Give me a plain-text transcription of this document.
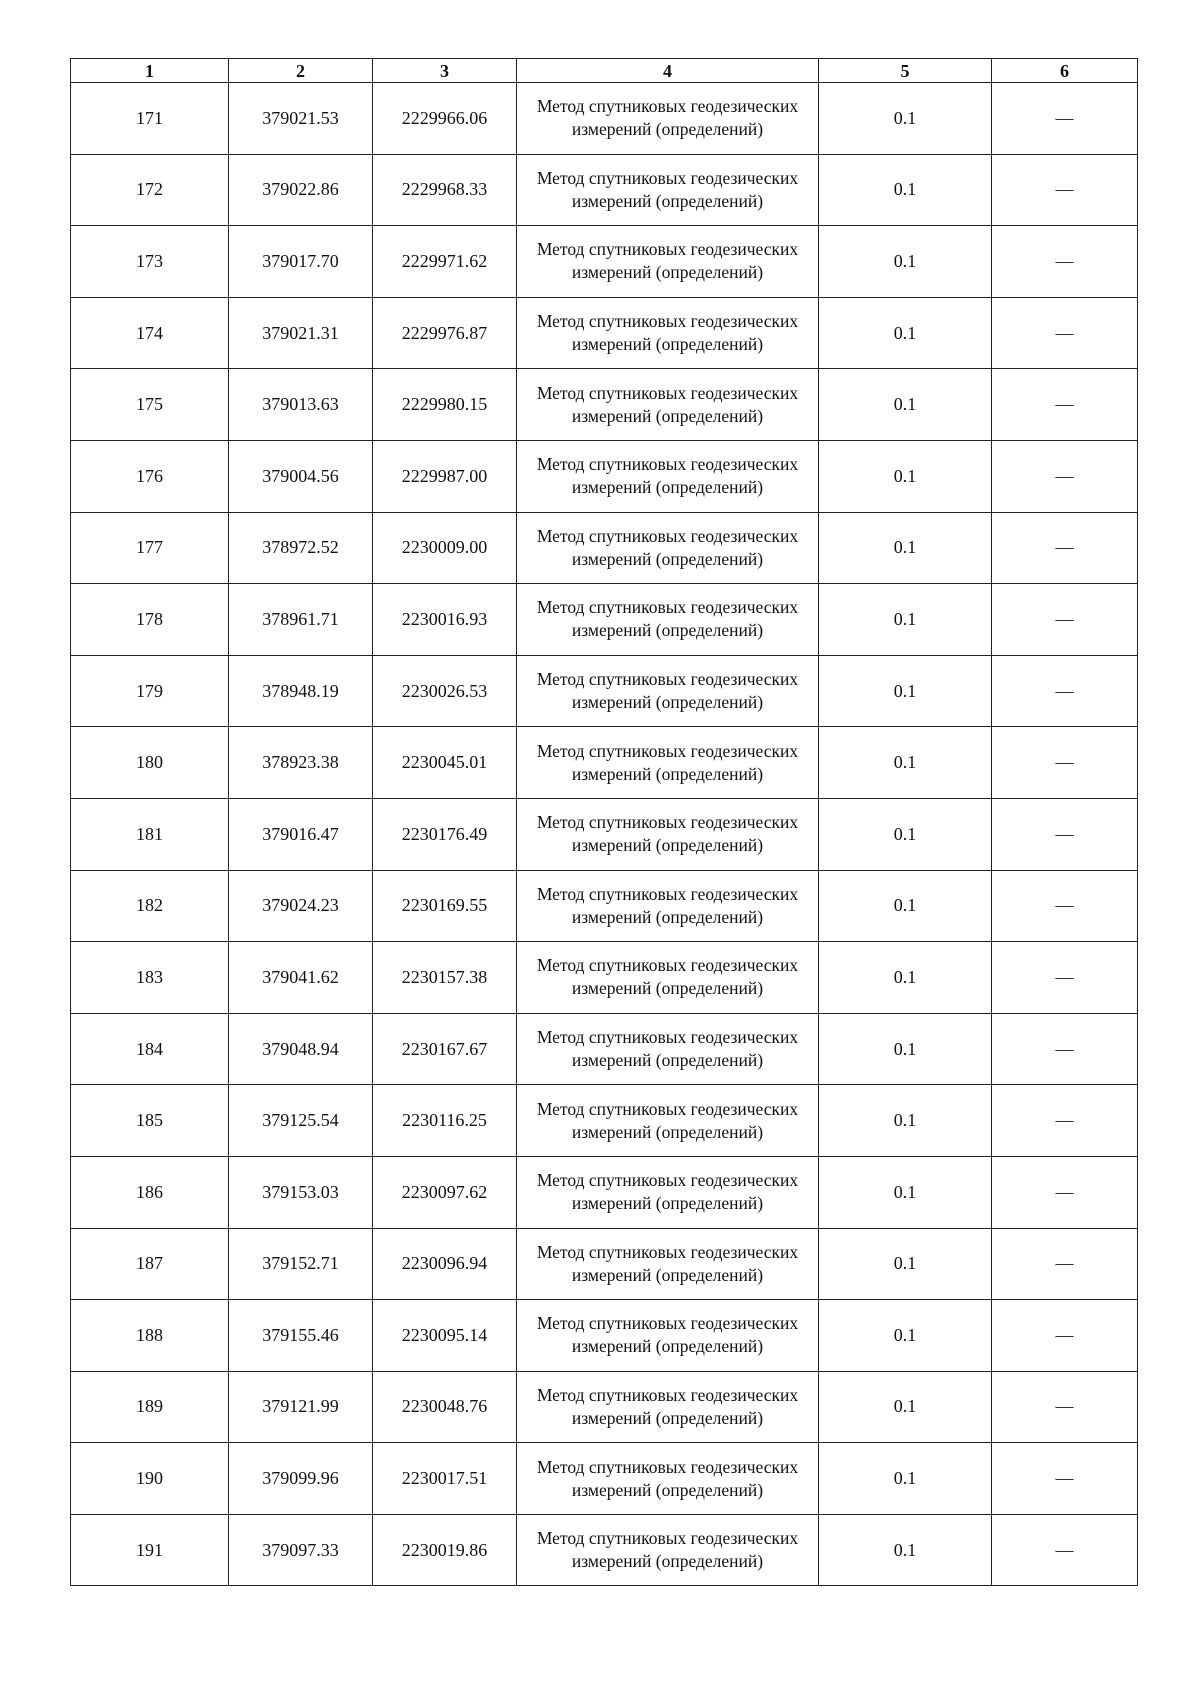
1	2	3	4	5	6
171	379021.53	2229966.06	Метод спутниковых геодезических измерений (определений)	0.1	—
172	379022.86	2229968.33	Метод спутниковых геодезических измерений (определений)	0.1	—
173	379017.70	2229971.62	Метод спутниковых геодезических измерений (определений)	0.1	—
174	379021.31	2229976.87	Метод спутниковых геодезических измерений (определений)	0.1	—
175	379013.63	2229980.15	Метод спутниковых геодезических измерений (определений)	0.1	—
176	379004.56	2229987.00	Метод спутниковых геодезических измерений (определений)	0.1	—
177	378972.52	2230009.00	Метод спутниковых геодезических измерений (определений)	0.1	—
178	378961.71	2230016.93	Метод спутниковых геодезических измерений (определений)	0.1	—
179	378948.19	2230026.53	Метод спутниковых геодезических измерений (определений)	0.1	—
180	378923.38	2230045.01	Метод спутниковых геодезических измерений (определений)	0.1	—
181	379016.47	2230176.49	Метод спутниковых геодезических измерений (определений)	0.1	—
182	379024.23	2230169.55	Метод спутниковых геодезических измерений (определений)	0.1	—
183	379041.62	2230157.38	Метод спутниковых геодезических измерений (определений)	0.1	—
184	379048.94	2230167.67	Метод спутниковых геодезических измерений (определений)	0.1	—
185	379125.54	2230116.25	Метод спутниковых геодезических измерений (определений)	0.1	—
186	379153.03	2230097.62	Метод спутниковых геодезических измерений (определений)	0.1	—
187	379152.71	2230096.94	Метод спутниковых геодезических измерений (определений)	0.1	—
188	379155.46	2230095.14	Метод спутниковых геодезических измерений (определений)	0.1	—
189	379121.99	2230048.76	Метод спутниковых геодезических измерений (определений)	0.1	—
190	379099.96	2230017.51	Метод спутниковых геодезических измерений (определений)	0.1	—
191	379097.33	2230019.86	Метод спутниковых геодезических измерений (определений)	0.1	—
